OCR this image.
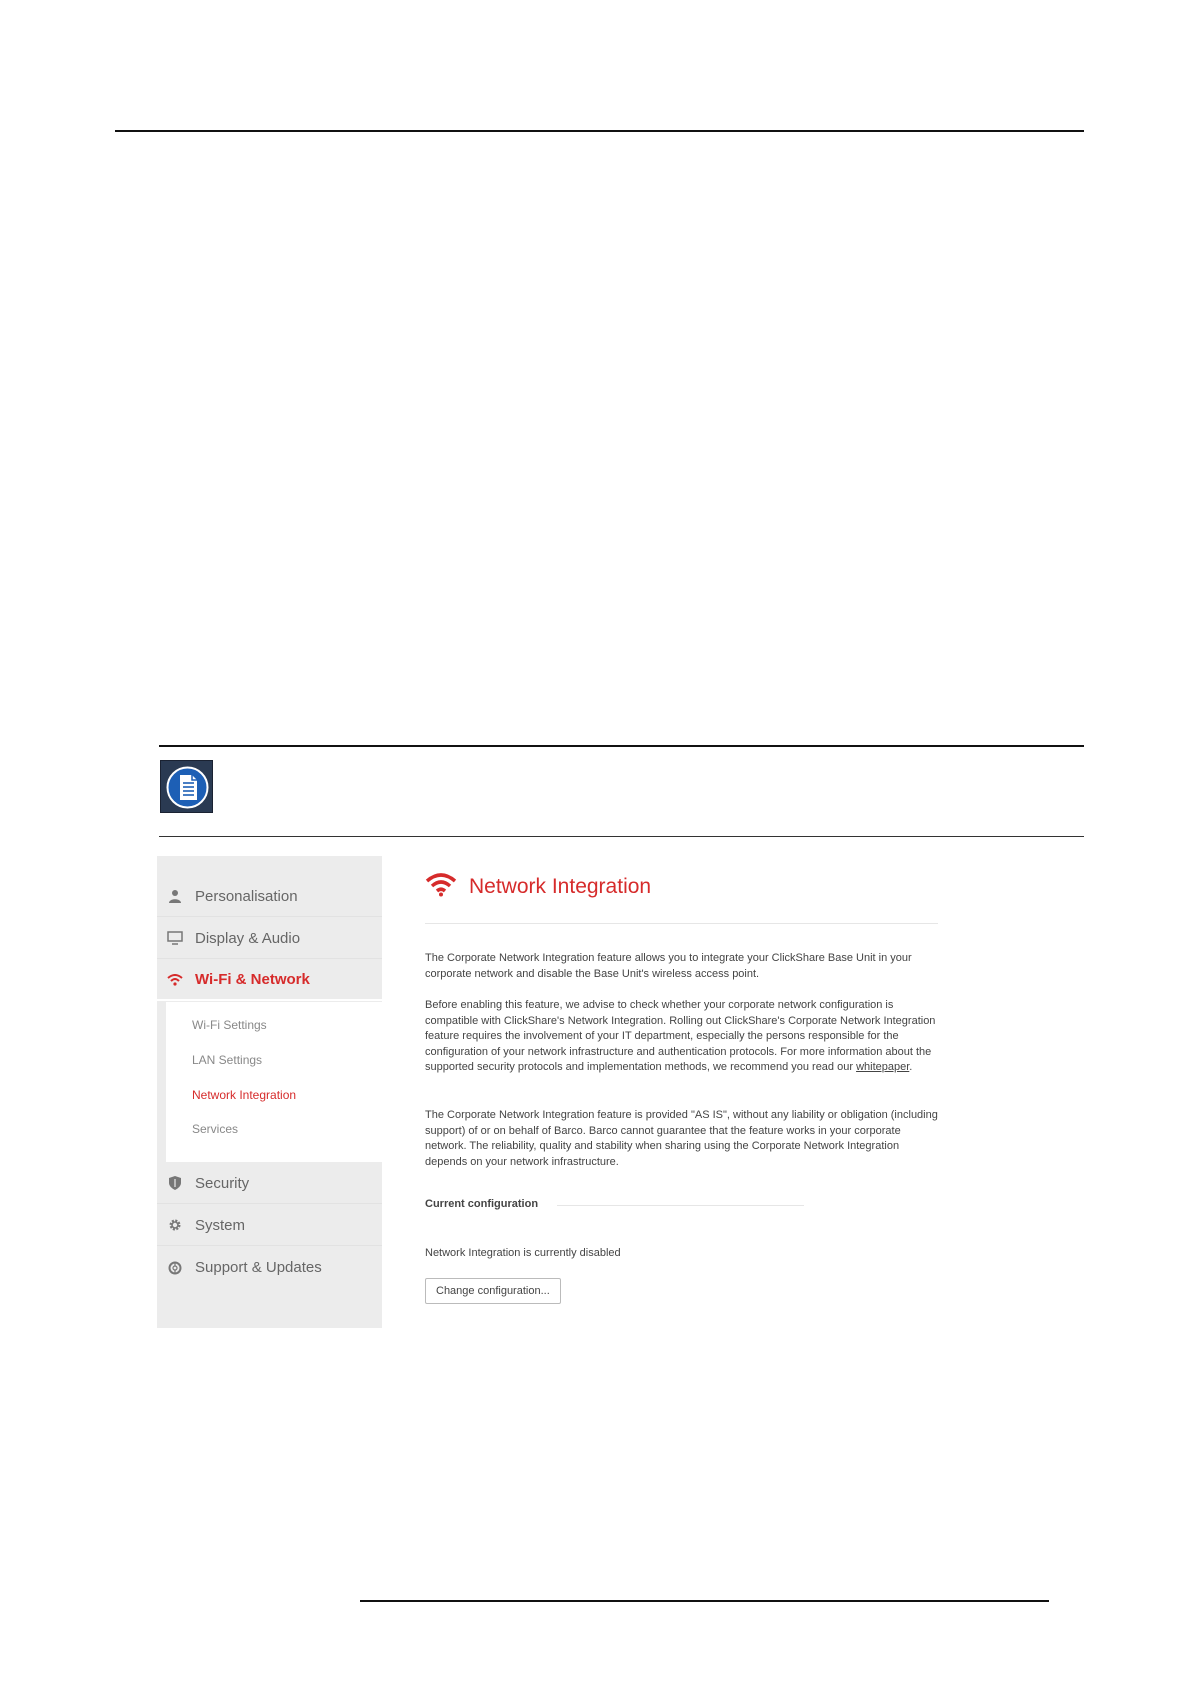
Personalisation
Display & Audio
Wi-Fi & Network
Wi-Fi Settings
LAN Settings
Network Integration
Services
Security
System
Support & Updates
Network Integration
The Corporate Network Integration feature allows you to integrate your ClickShare Base Unit in your corporate network and disable the Base Unit's wireless access point.
Before enabling this feature, we advise to check whether your corporate network configuration is compatible with ClickShare's Network Integration. Rolling out ClickShare's Corporate Network Integration feature requires the involvement of your IT department, especially the persons responsible for the configuration of your network infrastructure and authentication protocols. For more information about the supported security protocols and implementation methods, we recommend you read our whitepaper.
The Corporate Network Integration feature is provided "AS IS", without any liability or obligation (including support) of or on behalf of Barco. Barco cannot guarantee that the feature works in your corporate network. The reliability, quality and stability when sharing using the Corporate Network Integration depends on your network infrastructure.
Current configuration
Network Integration is currently disabled
Change configuration...
